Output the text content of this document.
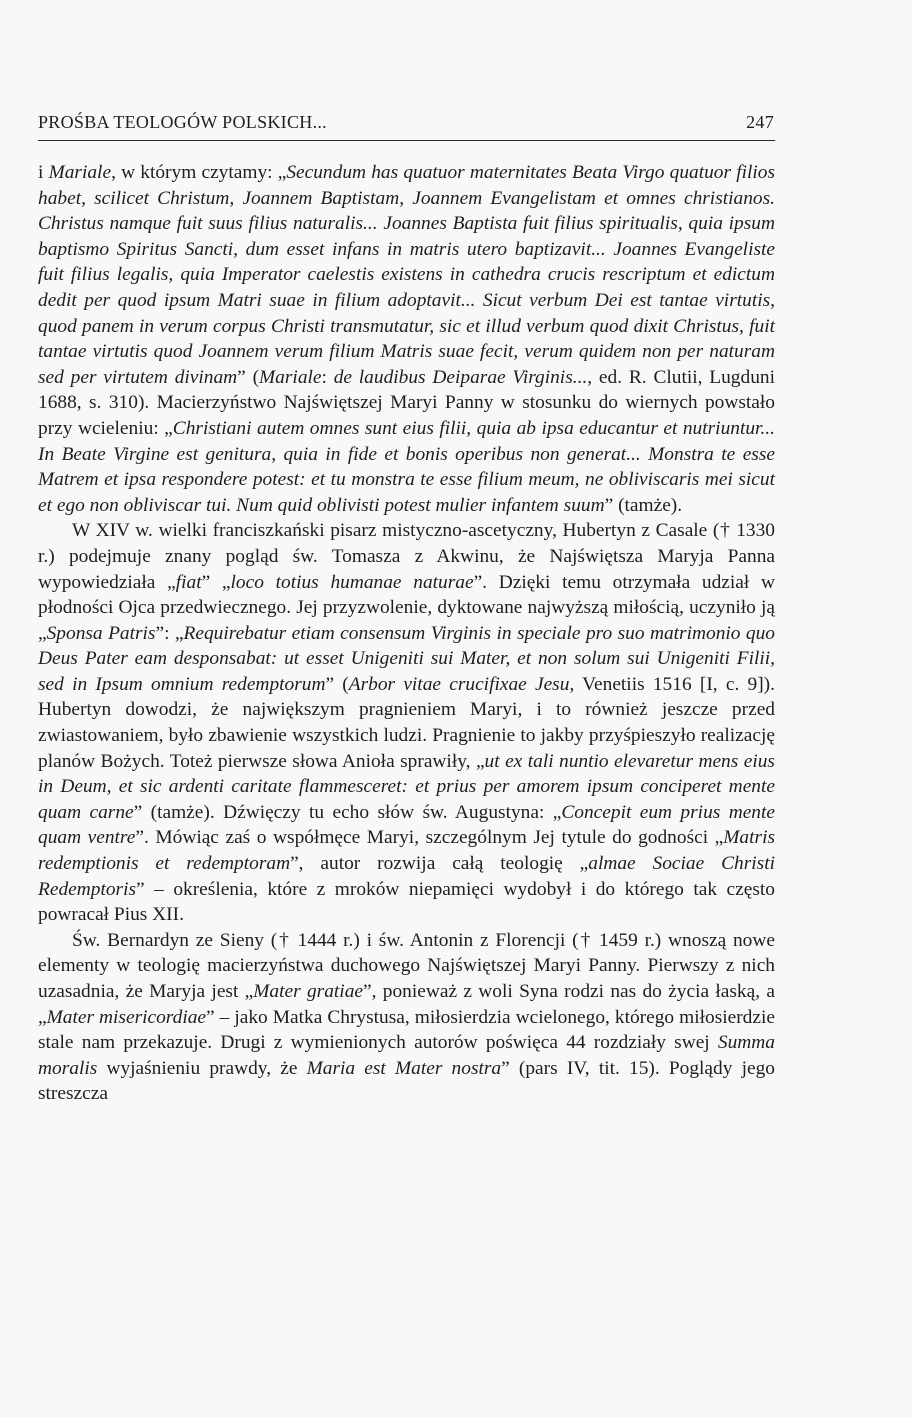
PROŚBA TEOLOGÓW POLSKICH...	247

i Mariale, w którym czytamy: „Secundum has quatuor maternitates Beata Virgo quatuor filios habet, scilicet Christum, Joannem Baptistam, Joannem Evangelistam et omnes christianos. Christus namque fuit suus filius naturalis... Joannes Baptista fuit filius spiritualis, quia ipsum baptismo Spiritus Sancti, dum esset infans in matris utero baptizavit... Joannes Evangeliste fuit filius legalis, quia Imperator caelestis existens in cathedra crucis rescriptum et edictum dedit per quod ipsum Matri suae in filium adoptavit... Sicut verbum Dei est tantae virtutis, quod panem in verum corpus Christi transmutatur, sic et illud verbum quod dixit Christus, fuit tantae virtutis quod Joannem verum filium Matris suae fecit, verum quidem non per naturam sed per virtutem divinam” (Mariale: de laudibus Deiparae Virginis..., ed. R. Clutii, Lugduni 1688, s. 310). Macierzyństwo Najświętszej Maryi Panny w stosunku do wiernych powstało przy wcieleniu: „Christiani autem omnes sunt eius filii, quia ab ipsa educantur et nutriuntur... In Beate Virgine est genitura, quia in fide et bonis operibus non generat... Monstra te esse Matrem et ipsa respondere potest: et tu monstra te esse filium meum, ne obliviscaris mei sicut et ego non obliviscar tui. Num quid oblivisti potest mulier infantem suum” (tamże).

W XIV w. wielki franciszkański pisarz mistyczno-ascetyczny, Hubertyn z Casale († 1330 r.) podejmuje znany pogląd św. Tomasza z Akwinu, że Najświętsza Maryja Panna wypowiedziała „fiat” „loco totius humanae naturae”. Dzięki temu otrzymała udział w płodności Ojca przedwiecznego. Jej przyzwolenie, dyktowane najwyższą miłością, uczyniło ją „Sponsa Patris”: „Requirebatur etiam consensum Virginis in speciale pro suo matrimonio quo Deus Pater eam desponsabat: ut esset Unigeniti sui Mater, et non solum sui Unigeniti Filii, sed in Ipsum omnium redemptorum” (Arbor vitae crucifixae Jesu, Venetiis 1516 [I, c. 9]). Hubertyn dowodzi, że największym pragnieniem Maryi, i to również jeszcze przed zwiastowaniem, było zbawienie wszystkich ludzi. Pragnienie to jakby przyśpieszyło realizację planów Bożych. Toteż pierwsze słowa Anioła sprawiły, „ut ex tali nuntio elevaretur mens eius in Deum, et sic ardenti caritate flammesceret: et prius per amorem ipsum conciperet mente quam carne” (tamże). Dźwięczy tu echo słów św. Augustyna: „Concepit eum prius mente quam ventre”. Mówiąc zaś o współmęce Maryi, szczególnym Jej tytule do godności „Matris redemptionis et redemptoram”, autor rozwija całą teologię „almae Sociae Christi Redemptoris” – określenia, które z mroków niepamięci wydobył i do którego tak często powracał Pius XII.

Św. Bernardyn ze Sieny († 1444 r.) i św. Antonin z Florencji († 1459 r.) wnoszą nowe elementy w teologię macierzyństwa duchowego Najświętszej Maryi Panny. Pierwszy z nich uzasadnia, że Maryja jest „Mater gratiae”, ponieważ z woli Syna rodzi nas do życia łaską, a „Mater misericordiae” – jako Matka Chrystusa, miłosierdzia wcielonego, którego miłosierdzie stale nam przekazuje. Drugi z wymienionych autorów poświęca 44 rozdziały swej Summa moralis wyjaśnieniu prawdy, że Maria est Mater nostra” (pars IV, tit. 15). Poglądy jego streszcza
